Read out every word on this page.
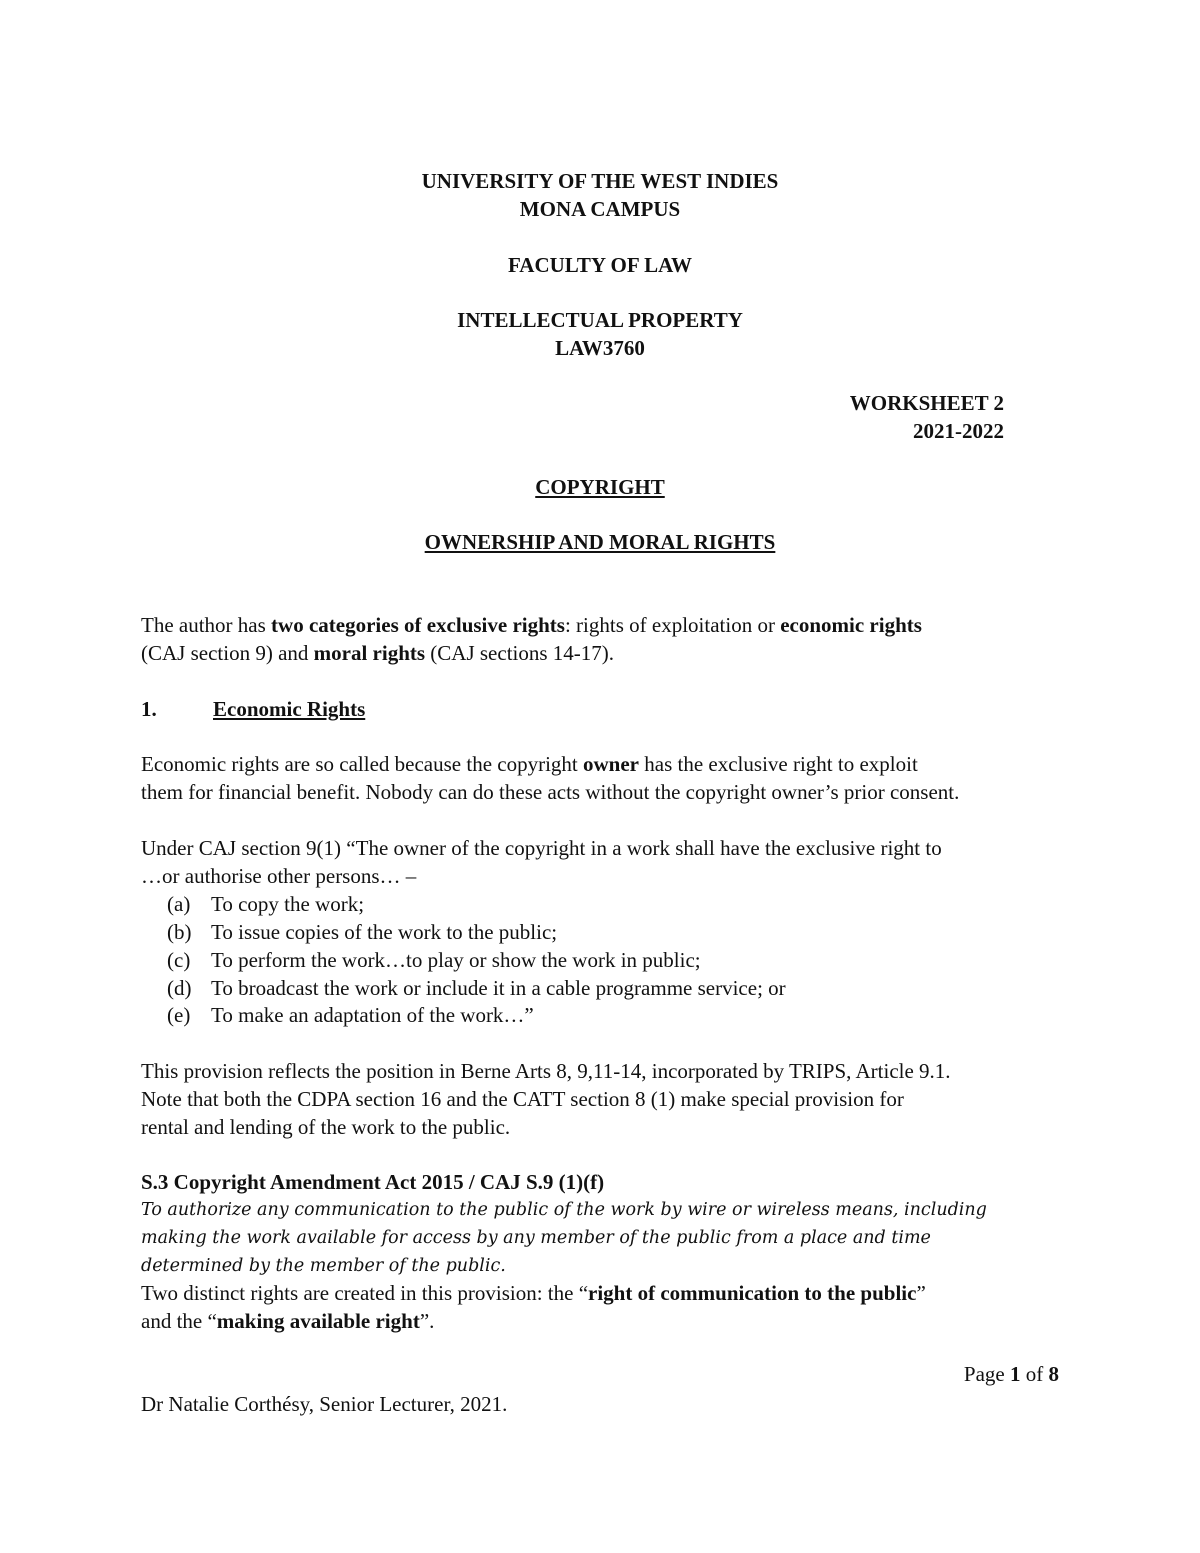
UNIVERSITY OF THE WEST INDIES
MONA CAMPUS
FACULTY OF LAW
INTELLECTUAL PROPERTY
LAW3760
WORKSHEET 2
2021-2022
COPYRIGHT
OWNERSHIP AND MORAL RIGHTS
The author has two categories of exclusive rights: rights of exploitation or economic rights
(CAJ section 9) and moral rights (CAJ sections 14-17).
1.	Economic Rights
Economic rights are so called because the copyright owner has the exclusive right to exploit
them for financial benefit. Nobody can do these acts without the copyright owner’s prior consent.
Under CAJ section 9(1) “The owner of the copyright in a work shall have the exclusive right to
…or authorise other persons… –
(a) To copy the work;
(b) To issue copies of the work to the public;
(c) To perform the work…to play or show the work in public;
(d) To broadcast the work or include it in a cable programme service; or
(e) To make an adaptation of the work…”
This provision reflects the position in Berne Arts 8, 9,11-14, incorporated by TRIPS, Article 9.1.
Note that both the CDPA section 16 and the CATT section 8 (1) make special provision for
rental and lending of the work to the public.
S.3 Copyright Amendment Act 2015 / CAJ S.9 (1)(f)
To authorize any communication to the public of the work by wire or wireless means, including
making the work available for access by any member of the public from a place and time
determined by the member of the public.
Two distinct rights are created in this provision: the “right of communication to the public”
and the “making available right”.
Page 1 of 8
Dr Natalie Corthésy, Senior Lecturer, 2021.
